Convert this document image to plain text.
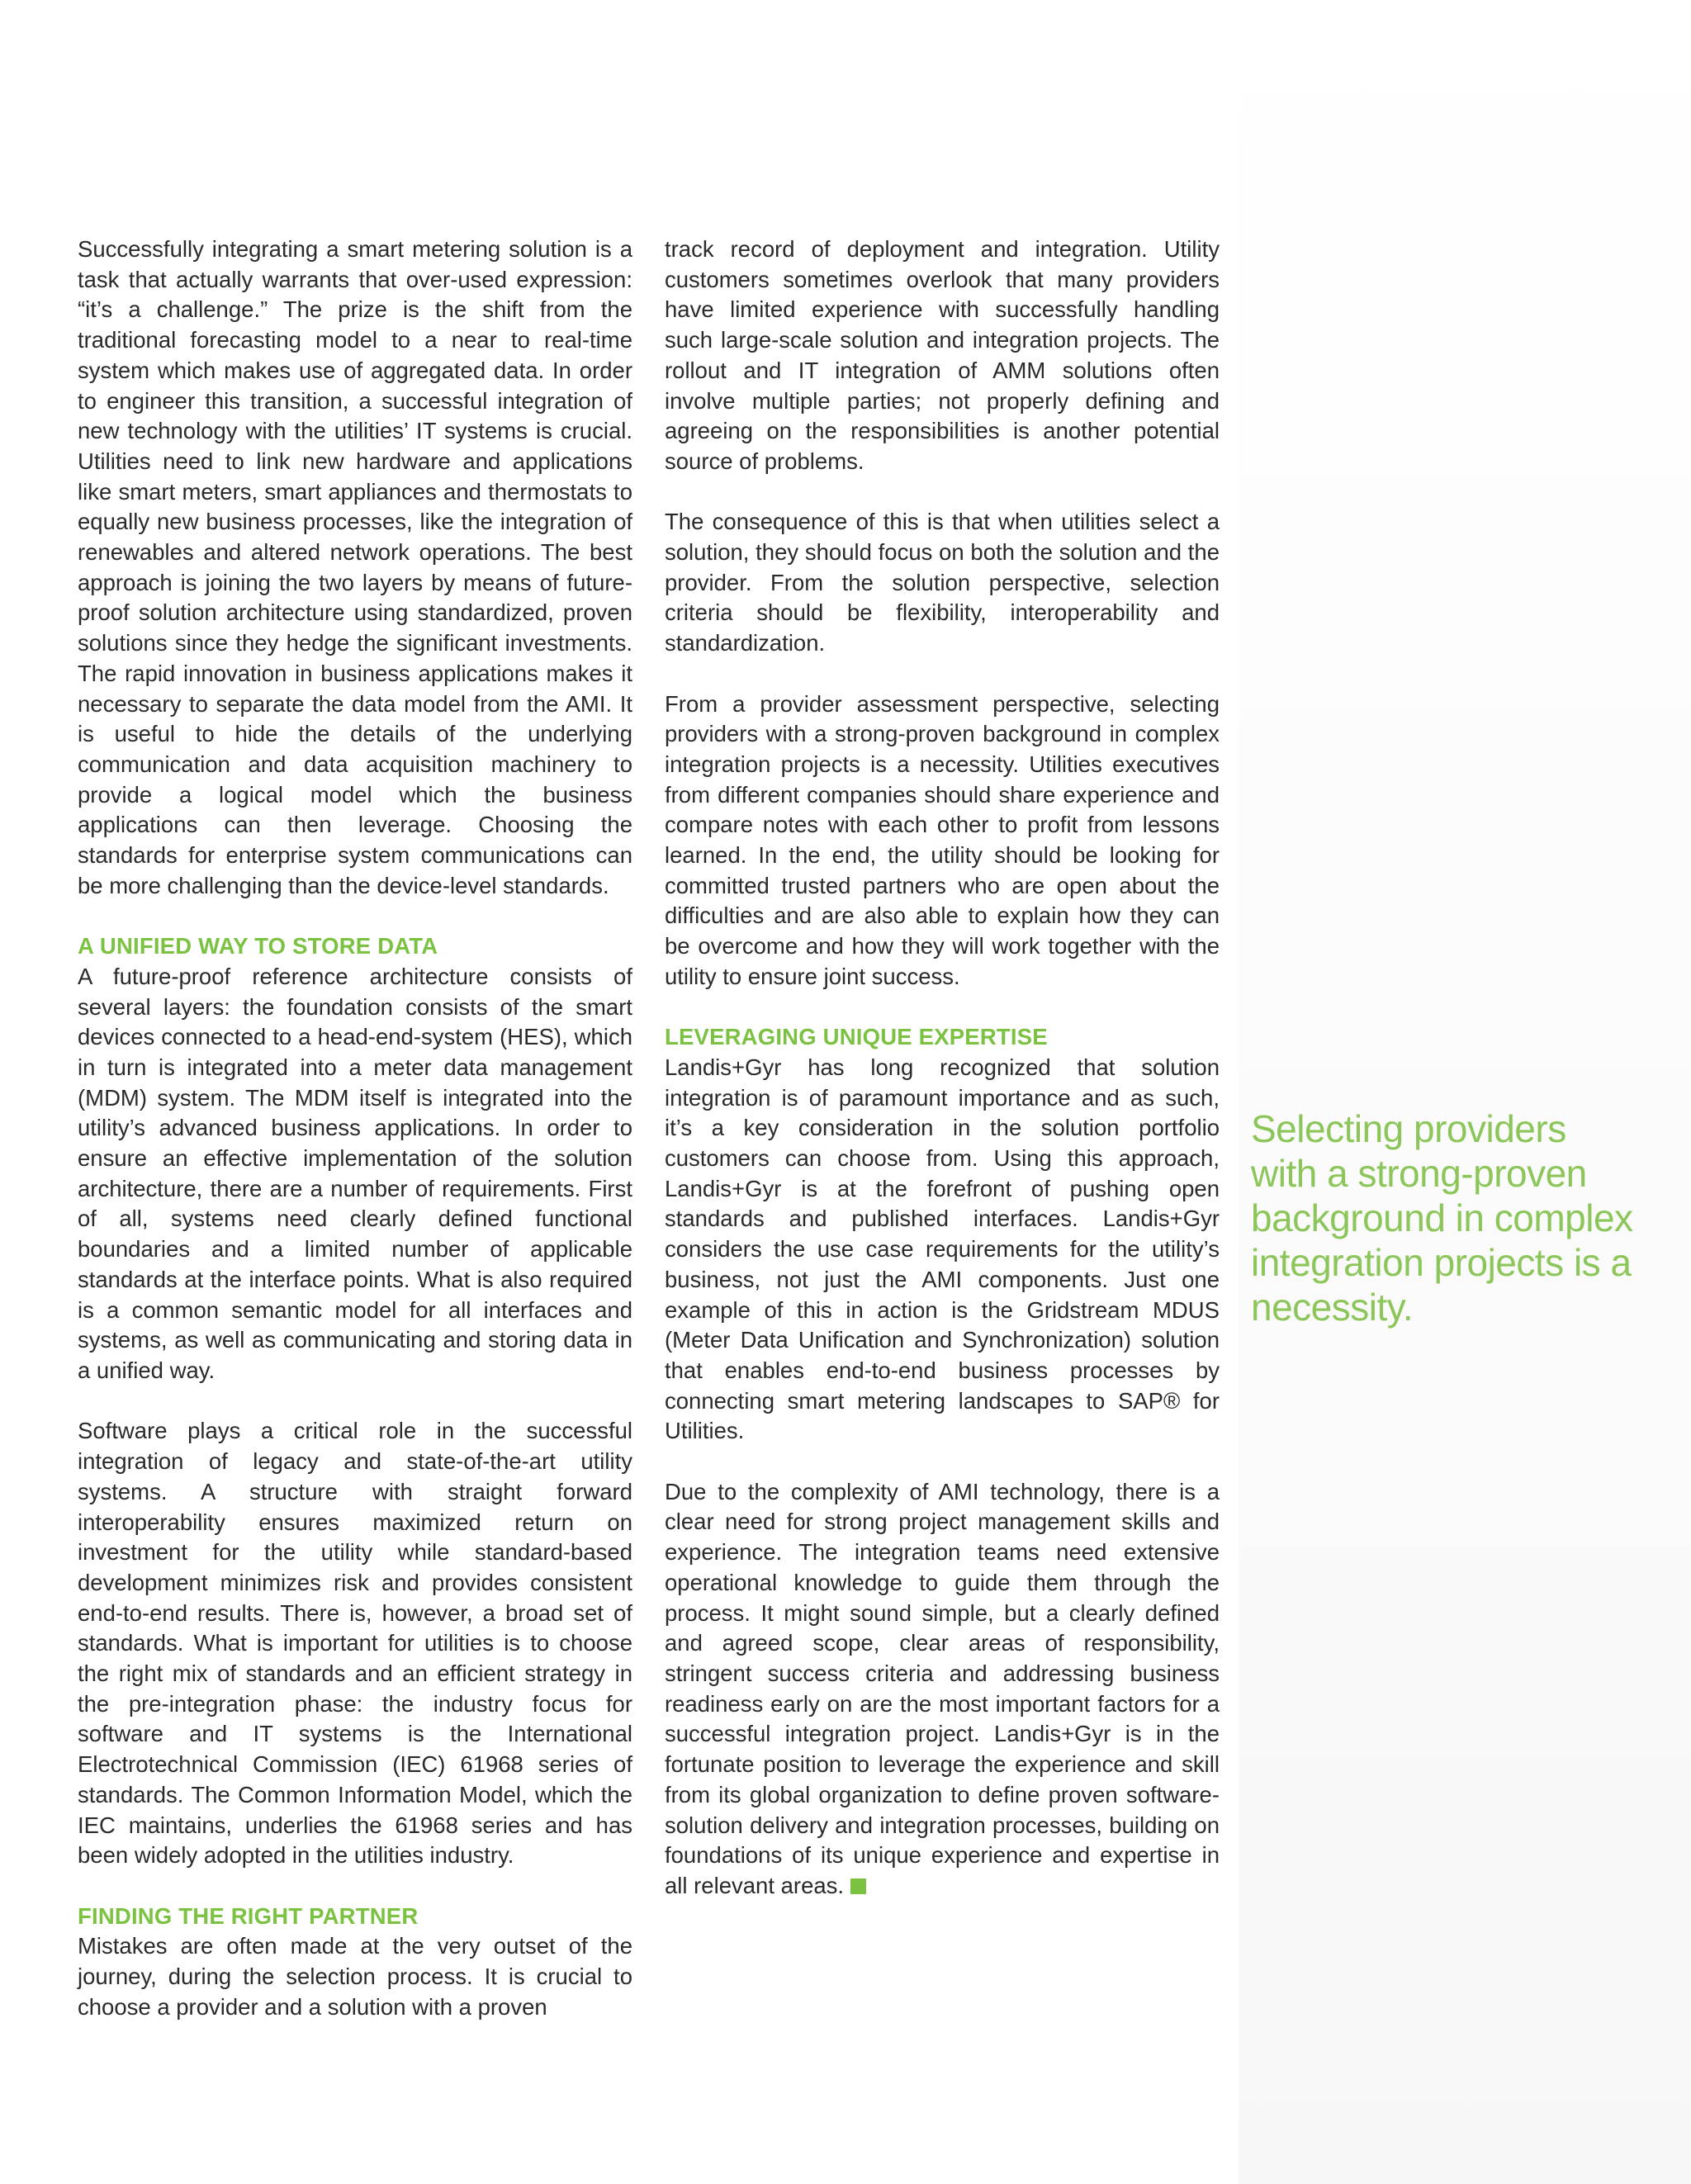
Successfully integrating a smart metering solution is a task that actually warrants that over-used expression: “it’s a challenge.” The prize is the shift from the traditional forecasting model to a near to real-time system which makes use of aggregated data. In order to engineer this transition, a successful integration of new technology with the utilities’ IT systems is crucial. Utilities need to link new hardware and applications like smart meters, smart appliances and thermostats to equally new business processes, like the integration of renewables and altered network operations. The best approach is joining the two layers by means of future-proof solution architecture using standardized, proven solutions since they hedge the significant investments. The rapid innovation in business applications makes it necessary to separate the data model from the AMI. It is useful to hide the details of the underlying communication and data acquisition machinery to provide a logical model which the business applications can then leverage. Choosing the standards for enterprise system communications can be more challenging than the device-level standards.

A UNIFIED WAY TO STORE DATA

A future-proof reference architecture consists of several layers: the foundation consists of the smart devices connected to a head-end-system (HES), which in turn is integrated into a meter data management (MDM) system. The MDM itself is integrated into the utility’s advanced business applications. In order to ensure an effective implementation of the solution architecture, there are a number of requirements. First of all, systems need clearly defined functional boundaries and a limited number of applicable standards at the interface points. What is also required is a common semantic model for all interfaces and systems, as well as communicating and storing data in a unified way.

Software plays a critical role in the successful integration of legacy and state-of-the-art utility systems. A structure with straight forward interoperability ensures maximized return on investment for the utility while standard-based development minimizes risk and provides consistent end-to-end results. There is, however, a broad set of standards. What is important for utilities is to choose the right mix of standards and an efficient strategy in the pre-integration phase: the industry focus for software and IT systems is the International Electrotechnical Commission (IEC) 61968 series of standards. The Common Information Model, which the IEC maintains, underlies the 61968 series and has been widely adopted in the utilities industry.

FINDING THE RIGHT PARTNER

Mistakes are often made at the very outset of the journey, during the selection process. It is crucial to choose a provider and a solution with a proven

track record of deployment and integration. Utility customers sometimes overlook that many providers have limited experience with successfully handling such large-scale solution and integration projects. The rollout and IT integration of AMM solutions often involve multiple parties; not properly defining and agreeing on the responsibilities is another potential source of problems.

The consequence of this is that when utilities select a solution, they should focus on both the solution and the provider. From the solution perspective, selection criteria should be flexibility, interoperability and standardization.

From a provider assessment perspective, selecting providers with a strong-proven background in complex integration projects is a necessity. Utilities executives from different companies should share experience and compare notes with each other to profit from lessons learned. In the end, the utility should be looking for committed trusted partners who are open about the difficulties and are also able to explain how they can be overcome and how they will work together with the utility to ensure joint success.

LEVERAGING UNIQUE EXPERTISE

Landis+Gyr has long recognized that solution integration is of paramount importance and as such, it’s a key consideration in the solution portfolio customers can choose from. Using this approach, Landis+Gyr is at the forefront of pushing open standards and published interfaces. Landis+Gyr considers the use case requirements for the utility’s business, not just the AMI components. Just one example of this in action is the Gridstream MDUS (Meter Data Unification and Synchronization) solution that enables end-to-end business processes by connecting smart metering landscapes to SAP® for Utilities.

Due to the complexity of AMI technology, there is a clear need for strong project management skills and experience. The integration teams need extensive operational knowledge to guide them through the process. It might sound simple, but a clearly defined and agreed scope, clear areas of responsibility, stringent success criteria and addressing business readiness early on are the most important factors for a successful integration project. Landis+Gyr is in the fortunate position to leverage the experience and skill from its global organization to define proven software-solution delivery and integration processes, building on foundations of its unique experience and expertise in all relevant areas.

Selecting providers with a strong-proven background in complex integration projects is a necessity.
